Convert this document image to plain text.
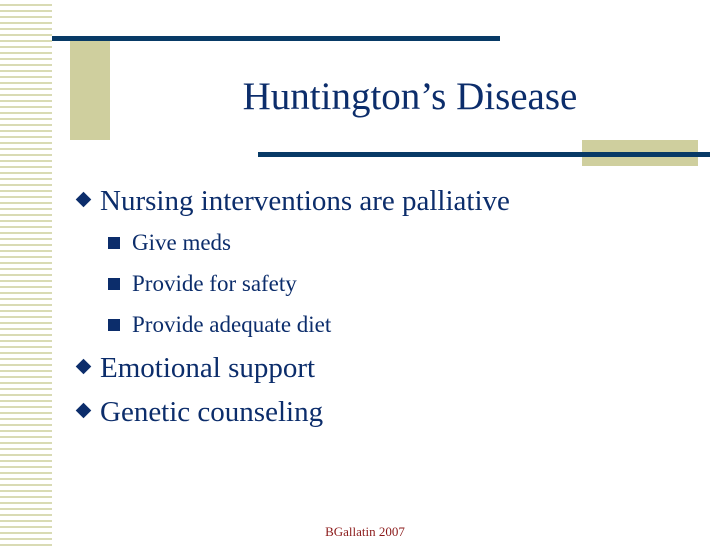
Huntington’s Disease
Nursing interventions are palliative
Give meds
Provide for safety
Provide adequate diet
Emotional support
Genetic counseling
BGallatin 2007
